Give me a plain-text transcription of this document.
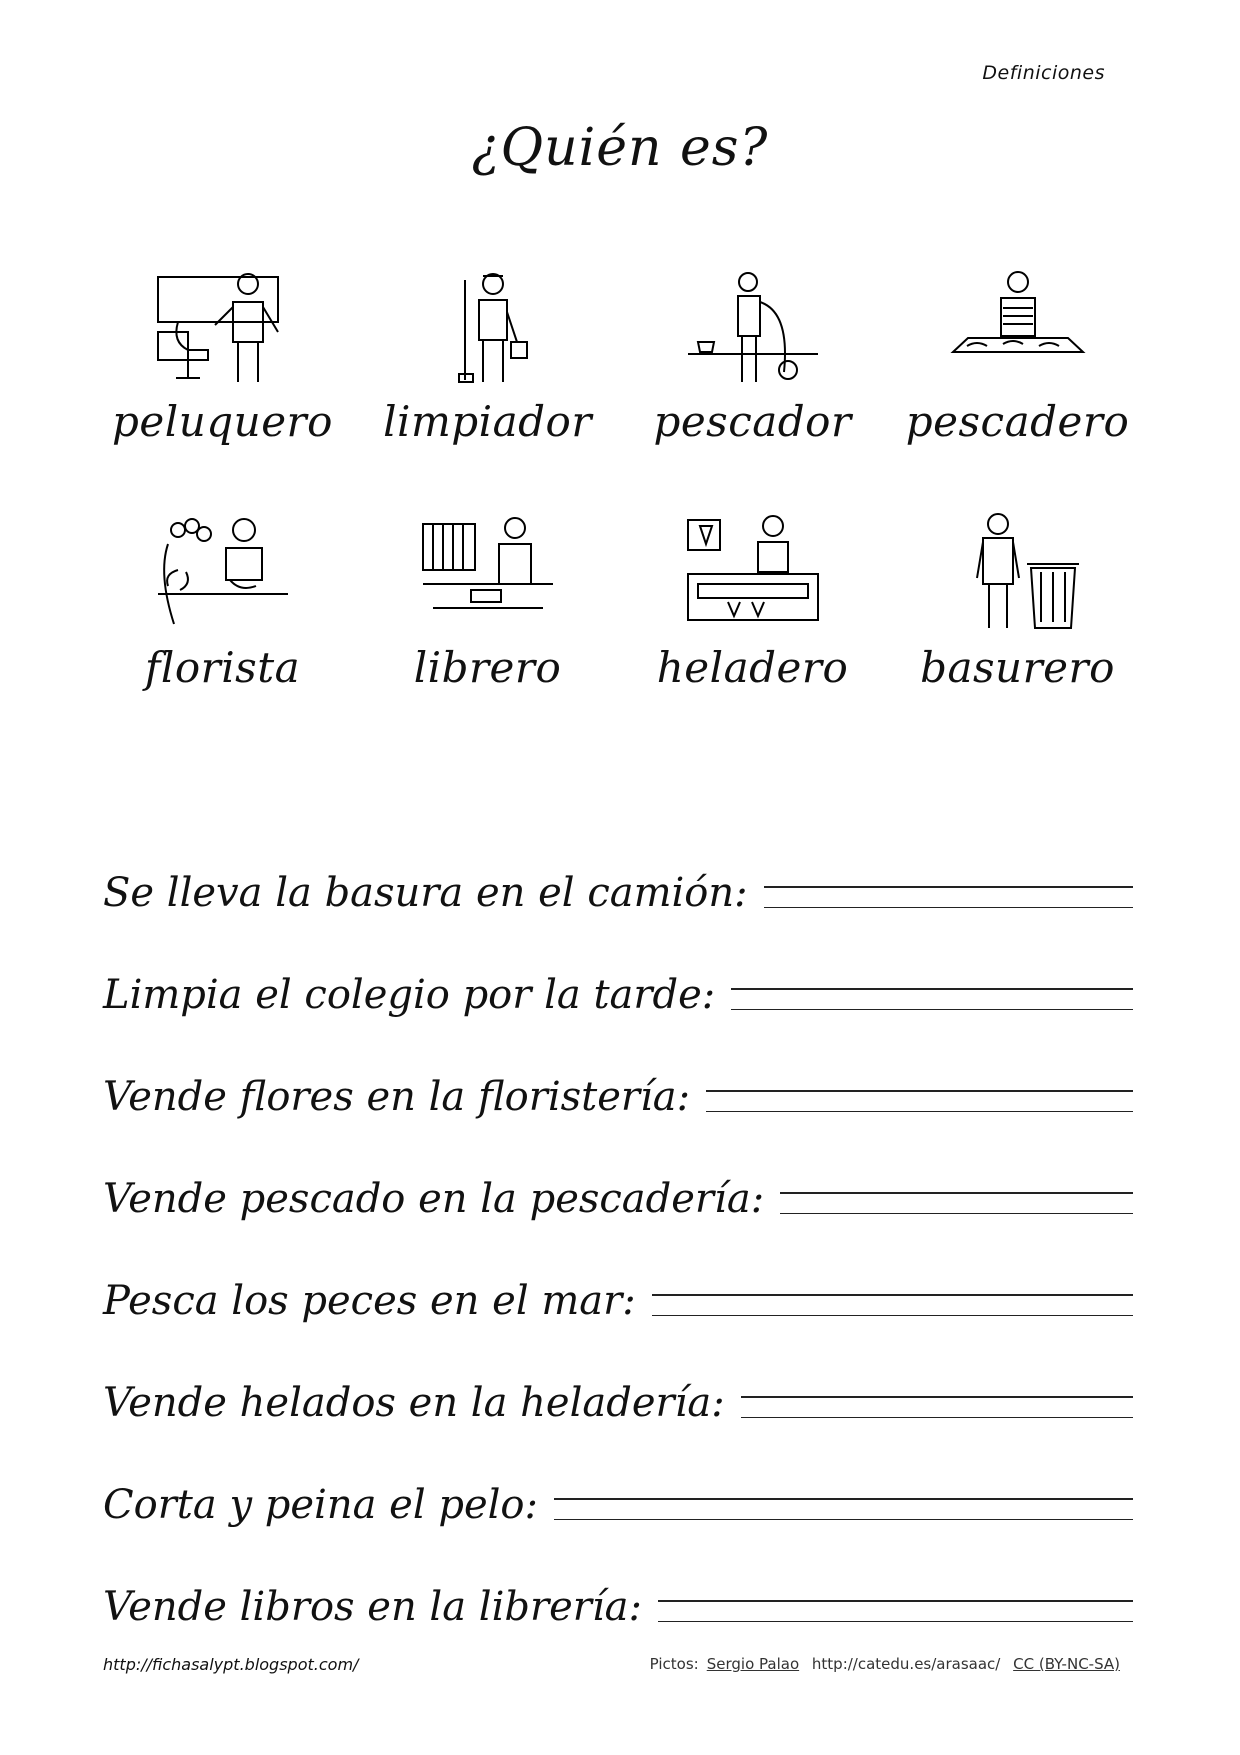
Definiciones
¿Quién es?
peluquero limpiador pescador pescadero
florista	librero heladero basurero
Se lleva la basura en el camión:
Limpia el colegio por la tarde:
Vende flores en la floristería:
Vende pescado en la pescadería:
Pesca los peces en el mar:
Vende helados en la heladería:
Corta y peina el pelo:
Vende libros en la librería:
http://fichasalypt.blogspot.com/	Pictos: Sergio Palao http://catedu.es/arasaac/ CC (BY-NC-SA)
